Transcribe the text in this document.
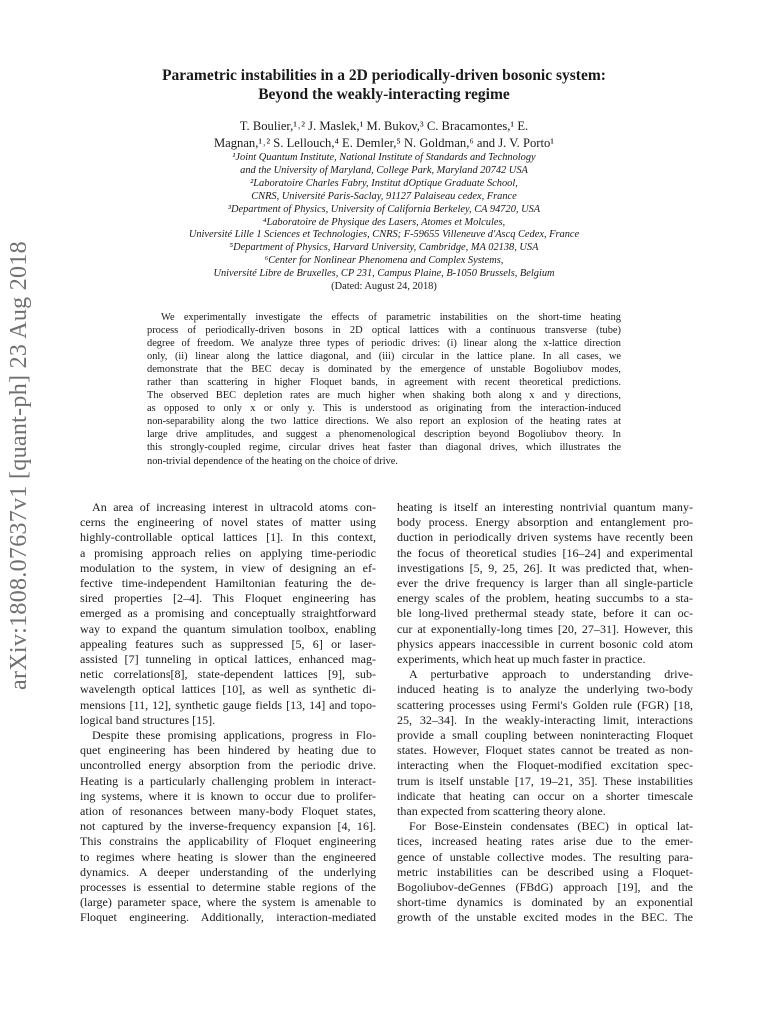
arXiv:1808.07637v1 [quant-ph] 23 Aug 2018
Parametric instabilities in a 2D periodically-driven bosonic system:
Beyond the weakly-interacting regime
T. Boulier,¹˒² J. Maslek,¹ M. Bukov,³ C. Bracamontes,¹ E.
Magnan,¹˒² S. Lellouch,⁴ E. Demler,⁵ N. Goldman,⁶ and J. V. Porto¹
¹Joint Quantum Institute, National Institute of Standards and Technology
and the University of Maryland, College Park, Maryland 20742 USA
²Laboratoire Charles Fabry, Institut dOptique Graduate School,
CNRS, Université Paris-Saclay, 91127 Palaiseau cedex, France
³Department of Physics, University of California Berkeley, CA 94720, USA
⁴Laboratoire de Physique des Lasers, Atomes et Molcules,
Université Lille 1 Sciences et Technologies, CNRS; F-59655 Villeneuve d'Ascq Cedex, France
⁵Department of Physics, Harvard University, Cambridge, MA 02138, USA
⁶Center for Nonlinear Phenomena and Complex Systems,
Université Libre de Bruxelles, CP 231, Campus Plaine, B-1050 Brussels, Belgium
(Dated: August 24, 2018)
We experimentally investigate the effects of parametric instabilities on the short-time heating
process of periodically-driven bosons in 2D optical lattices with a continuous transverse (tube)
degree of freedom. We analyze three types of periodic drives: (i) linear along the x-lattice direction
only, (ii) linear along the lattice diagonal, and (iii) circular in the lattice plane. In all cases, we
demonstrate that the BEC decay is dominated by the emergence of unstable Bogoliubov modes,
rather than scattering in higher Floquet bands, in agreement with recent theoretical predictions.
The observed BEC depletion rates are much higher when shaking both along x and y directions,
as opposed to only x or only y. This is understood as originating from the interaction-induced
non-separability along the two lattice directions. We also report an explosion of the heating rates at
large drive amplitudes, and suggest a phenomenological description beyond Bogoliubov theory. In
this strongly-coupled regime, circular drives heat faster than diagonal drives, which illustrates the
non-trivial dependence of the heating on the choice of drive.
An area of increasing interest in ultracold atoms con-
cerns the engineering of novel states of matter using
highly-controllable optical lattices [1]. In this context,
a promising approach relies on applying time-periodic
modulation to the system, in view of designing an ef-
fective time-independent Hamiltonian featuring the de-
sired properties [2–4]. This Floquet engineering has
emerged as a promising and conceptually straightforward
way to expand the quantum simulation toolbox, enabling
appealing features such as suppressed [5, 6] or laser-
assisted [7] tunneling in optical lattices, enhanced mag-
netic correlations[8], state-dependent lattices [9], sub-
wavelength optical lattices [10], as well as synthetic di-
mensions [11, 12], synthetic gauge fields [13, 14] and topo-
logical band structures [15].
Despite these promising applications, progress in Flo-
quet engineering has been hindered by heating due to
uncontrolled energy absorption from the periodic drive.
Heating is a particularly challenging problem in interact-
ing systems, where it is known to occur due to prolifer-
ation of resonances between many-body Floquet states,
not captured by the inverse-frequency expansion [4, 16].
This constrains the applicability of Floquet engineering
to regimes where heating is slower than the engineered
dynamics. A deeper understanding of the underlying
processes is essential to determine stable regions of the
(large) parameter space, where the system is amenable to
Floquet engineering. Additionally, interaction-mediated
heating is itself an interesting nontrivial quantum many-
body process. Energy absorption and entanglement pro-
duction in periodically driven systems have recently been
the focus of theoretical studies [16–24] and experimental
investigations [5, 9, 25, 26]. It was predicted that, when-
ever the drive frequency is larger than all single-particle
energy scales of the problem, heating succumbs to a sta-
ble long-lived prethermal steady state, before it can oc-
cur at exponentially-long times [20, 27–31]. However, this
physics appears inaccessible in current bosonic cold atom
experiments, which heat up much faster in practice.
A perturbative approach to understanding drive-
induced heating is to analyze the underlying two-body
scattering processes using Fermi's Golden rule (FGR) [18,
25, 32–34]. In the weakly-interacting limit, interactions
provide a small coupling between noninteracting Floquet
states. However, Floquet states cannot be treated as non-
interacting when the Floquet-modified excitation spec-
trum is itself unstable [17, 19–21, 35]. These instabilities
indicate that heating can occur on a shorter timescale
than expected from scattering theory alone.
For Bose-Einstein condensates (BEC) in optical lat-
tices, increased heating rates arise due to the emer-
gence of unstable collective modes. The resulting para-
metric instabilities can be described using a Floquet-
Bogoliubov-deGennes (FBdG) approach [19], and the
short-time dynamics is dominated by an exponential
growth of the unstable excited modes in the BEC. The
